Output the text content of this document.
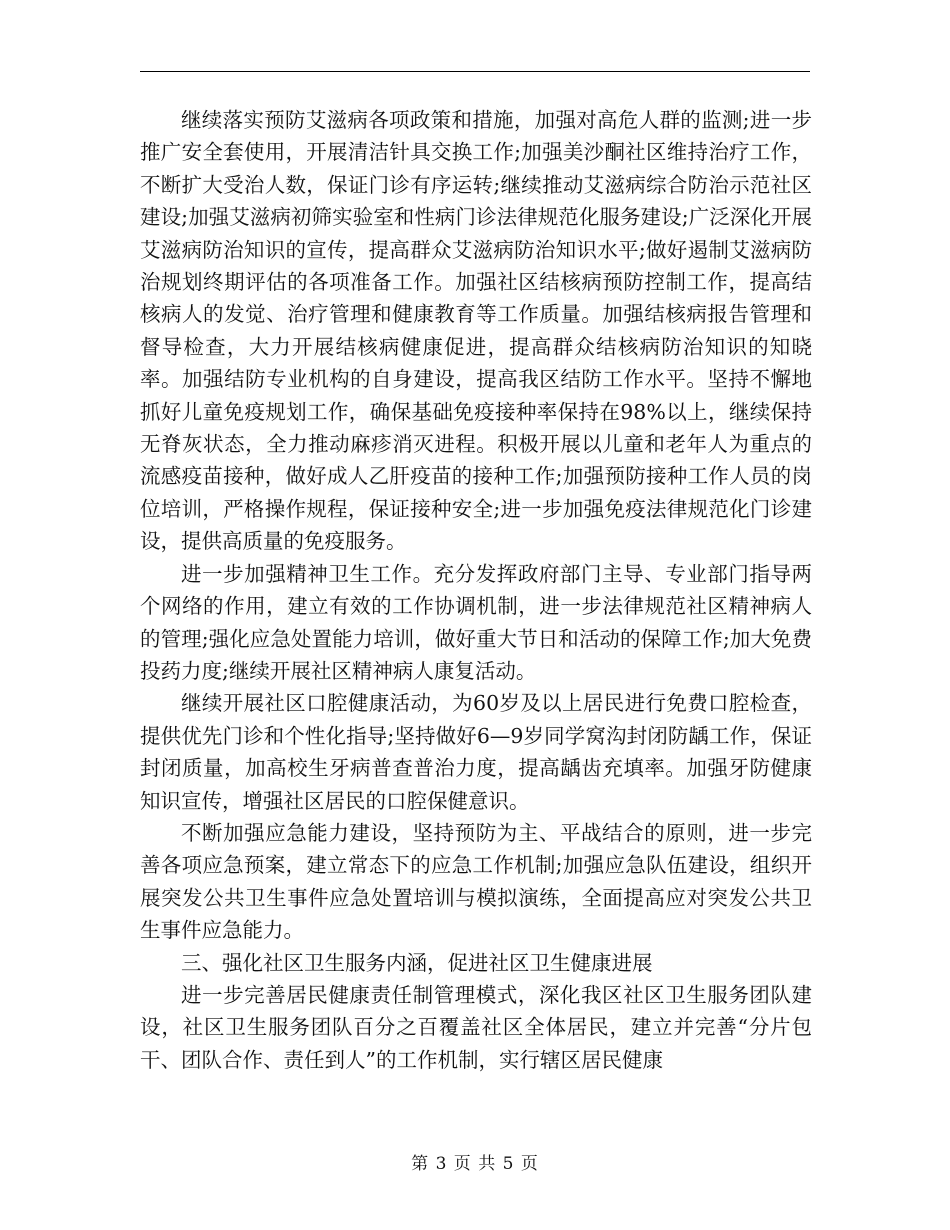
继续落实预防艾滋病各项政策和措施，加强对高危人群的监测;进一步推广安全套使用，开展清洁针具交换工作;加强美沙酮社区维持治疗工作，不断扩大受治人数，保证门诊有序运转;继续推动艾滋病综合防治示范社区建设;加强艾滋病初筛实验室和性病门诊法律规范化服务建设;广泛深化开展艾滋病防治知识的宣传，提高群众艾滋病防治知识水平;做好遏制艾滋病防治规划终期评估的各项准备工作。加强社区结核病预防控制工作，提高结核病人的发觉、治疗管理和健康教育等工作质量。加强结核病报告管理和督导检查，大力开展结核病健康促进，提高群众结核病防治知识的知晓率。加强结防专业机构的自身建设，提高我区结防工作水平。坚持不懈地抓好儿童免疫规划工作，确保基础免疫接种率保持在98%以上，继续保持无脊灰状态，全力推动麻疹消灭进程。积极开展以儿童和老年人为重点的流感疫苗接种，做好成人乙肝疫苗的接种工作;加强预防接种工作人员的岗位培训，严格操作规程，保证接种安全;进一步加强免疫法律规范化门诊建设，提供高质量的免疫服务。

进一步加强精神卫生工作。充分发挥政府部门主导、专业部门指导两个网络的作用，建立有效的工作协调机制，进一步法律规范社区精神病人的管理;强化应急处置能力培训，做好重大节日和活动的保障工作;加大免费投药力度;继续开展社区精神病人康复活动。

继续开展社区口腔健康活动，为60岁及以上居民进行免费口腔检查，提供优先门诊和个性化指导;坚持做好6—9岁同学窝沟封闭防龋工作，保证封闭质量，加高校生牙病普查普治力度，提高龋齿充填率。加强牙防健康知识宣传，增强社区居民的口腔保健意识。

不断加强应急能力建设，坚持预防为主、平战结合的原则，进一步完善各项应急预案，建立常态下的应急工作机制;加强应急队伍建设，组织开展突发公共卫生事件应急处置培训与模拟演练，全面提高应对突发公共卫生事件应急能力。

三、强化社区卫生服务内涵，促进社区卫生健康进展

进一步完善居民健康责任制管理模式，深化我区社区卫生服务团队建设，社区卫生服务团队百分之百覆盖社区全体居民，建立并完善“分片包干、团队合作、责任到人”的工作机制，实行辖区居民健康

第 3 页 共 5 页
